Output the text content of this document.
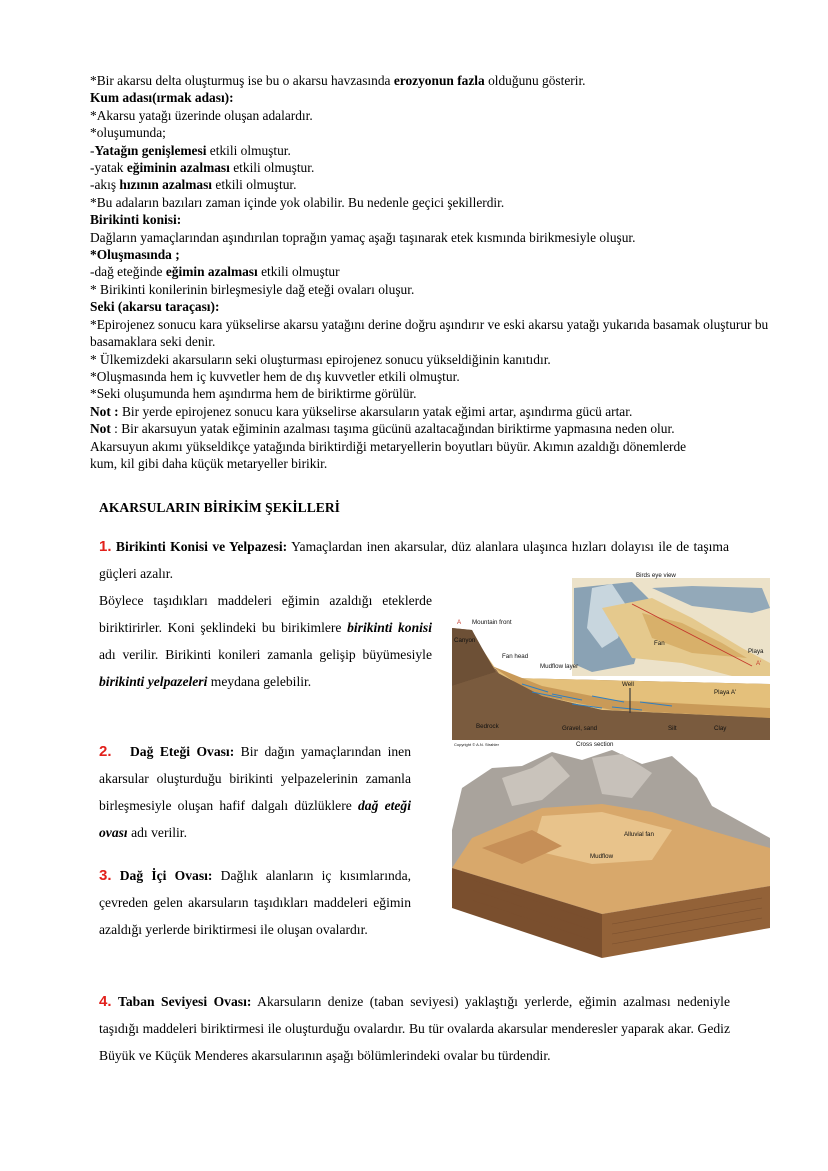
*Bir akarsu delta oluşturmuş ise bu o akarsu havzasında erozyonun fazla olduğunu gösterir.

Kum adası(ırmak adası):

*Akarsu yatağı üzerinde oluşan adalardır.

*oluşumunda;

-Yatağın genişlemesi etkili olmuştur.

-yatak eğiminin azalması etkili olmuştur.

-akış hızının azalması etkili olmuştur.

*Bu adaların bazıları zaman içinde yok olabilir. Bu nedenle geçici şekillerdir.

Birikinti konisi:

Dağların yamaçlarından aşındırılan toprağın yamaç aşağı taşınarak etek kısmında birikmesiyle oluşur.

*Oluşmasında ;

-dağ eteğinde eğimin azalması etkili olmuştur

* Birikinti konilerinin birleşmesiyle dağ eteği ovaları oluşur.

Seki (akarsu taraçası):

*Epirojenez sonucu kara yükselirse akarsu yatağını derine doğru aşındırır ve eski akarsu yatağı yukarıda basamak oluşturur bu basamaklara seki denir.

* Ülkemizdeki akarsuların seki oluşturması epirojenez sonucu yükseldiğinin kanıtıdır.

*Oluşmasında hem iç kuvvetler hem de dış kuvvetler etkili olmuştur.

*Seki oluşumunda hem aşındırma hem de biriktirme görülür.

Not : Bir yerde epirojenez sonucu kara yükselirse akarsuların yatak eğimi artar, aşındırma gücü artar.

Not : Bir akarsuyun yatak eğiminin azalması taşıma gücünü azaltacağından biriktirme yapmasına neden olur.

Akarsuyun akımı yükseldikçe yatağında biriktirdiği metaryellerin boyutları büyür. Akımın azaldığı dönemlerde

kum, kil gibi daha küçük metaryeller birikir.

AKARSULARIN BİRİKİM ŞEKİLLERİ

1. Birikinti Konisi ve Yelpazesi: Yamaçlardan inen akarsular, düz alanlara ulaşınca hızları dolayısı ile de taşıma güçleri azalır.

Böylece taşıdıkları maddeleri eğimin azaldığı eteklerde biriktirirler. Koni şeklindeki bu birikimlere birikinti konisi adı verilir. Birikinti konileri zamanla gelişip büyümesiyle birikinti yelpazeleri meydana gelebilir.

2. Dağ Eteği Ovası: Bir dağın yamaçlarından inen akarsular oluşturduğu birikinti yelpazelerinin zamanla birleşmesiyle oluşan hafif dalgalı düzlüklere dağ eteği ovası adı verilir.

3. Dağ İçi Ovası: Dağlık alanların iç kısımlarında, çevreden gelen akarsuların taşıdıkları maddeleri eğimin azaldığı yerlerde biriktirmesi ile oluşan ovalardır.

4. Taban Seviyesi Ovası: Akarsuların denize (taban seviyesi) yaklaştığı yerlerde, eğimin azalması nedeniyle taşıdığı maddeleri biriktirmesi ile oluşturduğu ovalardır. Bu tür ovalarda akarsular menderesler yaparak akar. Gediz Büyük ve Küçük Menderes akarsularının aşağı bölümlerindeki ovalar bu türdendir.

Birds eye view
Fan
Playa
A'
A Mountain front
Canyon
Fan head
Mudflow layer
Well
Playa A'
Bedrock	Gravel, sand	Silt	Clay
Copyright © A.N. Strahler	Cross section
Alluvial fan
Mudflow
